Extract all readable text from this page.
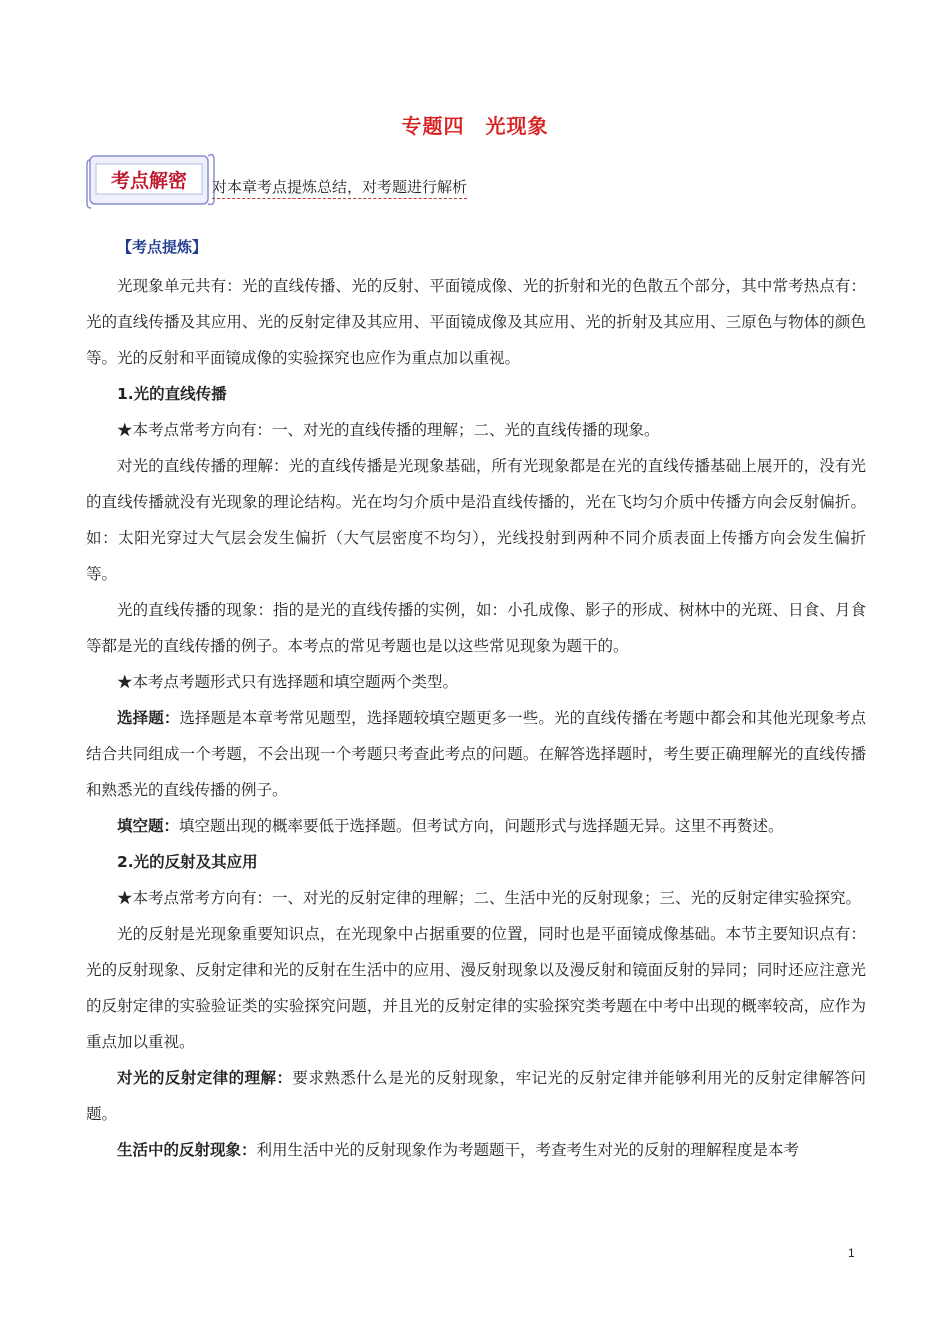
专题四　光现象
考点解密 对本章考点提炼总结，对考题进行解析
【考点提炼】

光现象单元共有：光的直线传播、光的反射、平面镜成像、光的折射和光的色散五个部分，其中常考热点有：光的直线传播及其应用、光的反射定律及其应用、平面镜成像及其应用、光的折射及其应用、三原色与物体的颜色等。光的反射和平面镜成像的实验探究也应作为重点加以重视。

1.光的直线传播

★本考点常考方向有：一、对光的直线传播的理解；二、光的直线传播的现象。

对光的直线传播的理解：光的直线传播是光现象基础，所有光现象都是在光的直线传播基础上展开的，没有光的直线传播就没有光现象的理论结构。光在均匀介质中是沿直线传播的，光在飞均匀介质中传播方向会反射偏折。如：太阳光穿过大气层会发生偏折（大气层密度不均匀），光线投射到两种不同介质表面上传播方向会发生偏折等。

光的直线传播的现象：指的是光的直线传播的实例，如：小孔成像、影子的形成、树林中的光斑、日食、月食等都是光的直线传播的例子。本考点的常见考题也是以这些常见现象为题干的。

★本考点考题形式只有选择题和填空题两个类型。

选择题：选择题是本章考常见题型，选择题较填空题更多一些。光的直线传播在考题中都会和其他光现象考点结合共同组成一个考题，不会出现一个考题只考查此考点的问题。在解答选择题时，考生要正确理解光的直线传播和熟悉光的直线传播的例子。

填空题：填空题出现的概率要低于选择题。但考试方向，问题形式与选择题无异。这里不再赘述。

2.光的反射及其应用

★本考点常考方向有：一、对光的反射定律的理解；二、生活中光的反射现象；三、光的反射定律实验探究。

光的反射是光现象重要知识点，在光现象中占据重要的位置，同时也是平面镜成像基础。本节主要知识点有：光的反射现象、反射定律和光的反射在生活中的应用、漫反射现象以及漫反射和镜面反射的异同；同时还应注意光的反射定律的实验验证类的实验探究问题，并且光的反射定律的实验探究类考题在中考中出现的概率较高，应作为重点加以重视。

对光的反射定律的理解：要求熟悉什么是光的反射现象，牢记光的反射定律并能够利用光的反射定律解答问题。

生活中的反射现象：利用生活中光的反射现象作为考题题干，考查考生对光的反射的理解程度是本考

1
